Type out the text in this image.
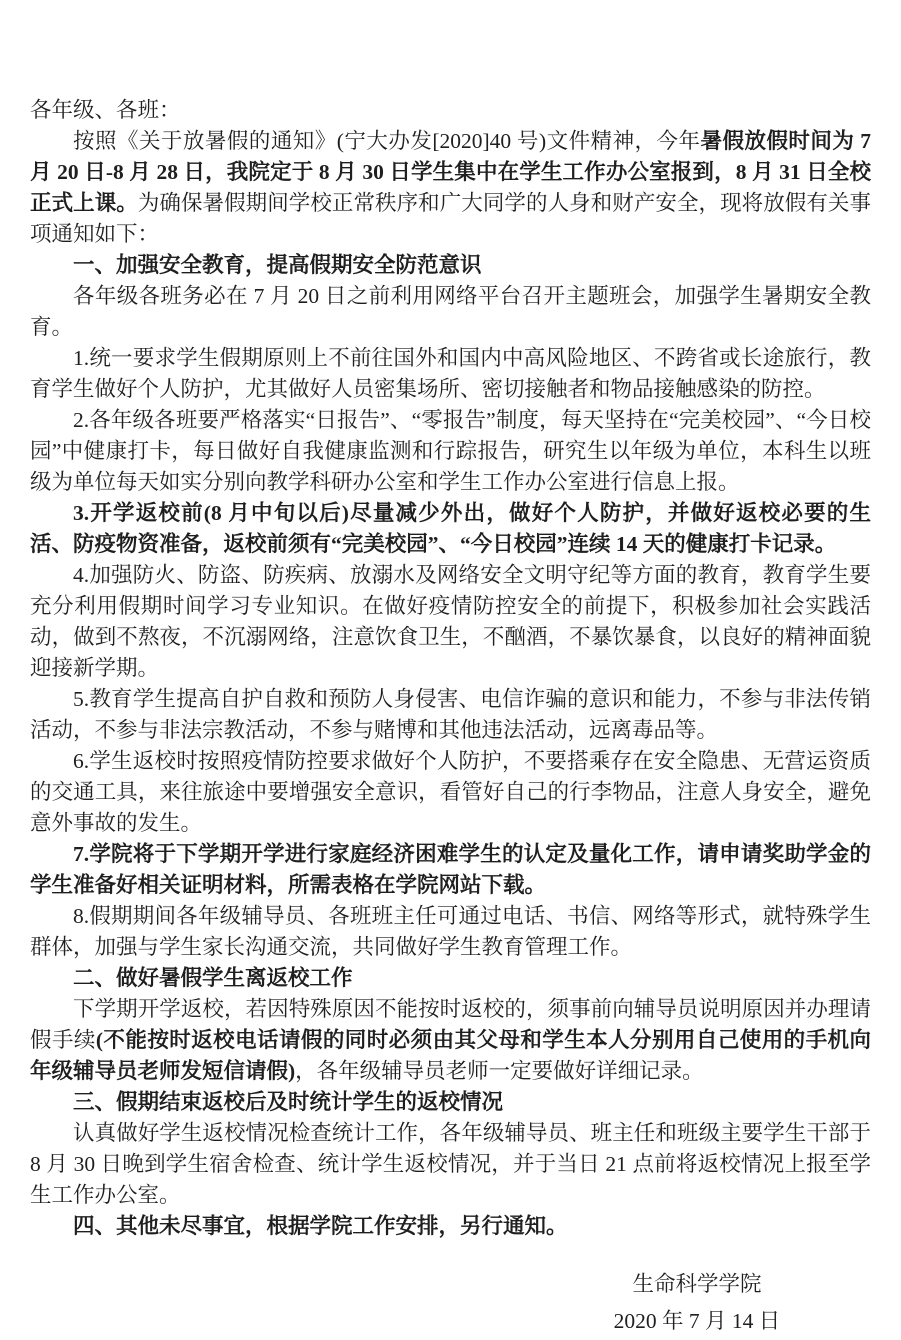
各年级、各班：

按照《关于放暑假的通知》(宁大办发[2020]40 号)文件精神，今年暑假放假时间为 7 月 20 日-8 月 28 日，我院定于 8 月 30 日学生集中在学生工作办公室报到，8 月 31 日全校正式上课。为确保暑假期间学校正常秩序和广大同学的人身和财产安全，现将放假有关事项通知如下：

一、加强安全教育，提高假期安全防范意识

各年级各班务必在 7 月 20 日之前利用网络平台召开主题班会，加强学生暑期安全教育。

1.统一要求学生假期原则上不前往国外和国内中高风险地区、不跨省或长途旅行，教育学生做好个人防护，尤其做好人员密集场所、密切接触者和物品接触感染的防控。

2.各年级各班要严格落实“日报告”、“零报告”制度，每天坚持在“完美校园”、“今日校园”中健康打卡，每日做好自我健康监测和行踪报告，研究生以年级为单位，本科生以班级为单位每天如实分别向教学科研办公室和学生工作办公室进行信息上报。

3.开学返校前(8 月中旬以后)尽量减少外出，做好个人防护，并做好返校必要的生活、防疫物资准备，返校前须有“完美校园”、“今日校园”连续 14 天的健康打卡记录。

4.加强防火、防盗、防疾病、放溺水及网络安全文明守纪等方面的教育，教育学生要充分利用假期时间学习专业知识。在做好疫情防控安全的前提下，积极参加社会实践活动，做到不熬夜，不沉溺网络，注意饮食卫生，不酗酒，不暴饮暴食，以良好的精神面貌迎接新学期。

5.教育学生提高自护自救和预防人身侵害、电信诈骗的意识和能力，不参与非法传销活动，不参与非法宗教活动，不参与赌博和其他违法活动，远离毒品等。

6.学生返校时按照疫情防控要求做好个人防护，不要搭乘存在安全隐患、无营运资质的交通工具，来往旅途中要增强安全意识，看管好自己的行李物品，注意人身安全，避免意外事故的发生。

7.学院将于下学期开学进行家庭经济困难学生的认定及量化工作，请申请奖助学金的学生准备好相关证明材料，所需表格在学院网站下载。

8.假期期间各年级辅导员、各班班主任可通过电话、书信、网络等形式，就特殊学生群体，加强与学生家长沟通交流，共同做好学生教育管理工作。

二、做好暑假学生离返校工作

下学期开学返校，若因特殊原因不能按时返校的，须事前向辅导员说明原因并办理请假手续(不能按时返校电话请假的同时必须由其父母和学生本人分别用自己使用的手机向年级辅导员老师发短信请假)，各年级辅导员老师一定要做好详细记录。

三、假期结束返校后及时统计学生的返校情况

认真做好学生返校情况检查统计工作，各年级辅导员、班主任和班级主要学生干部于 8 月 30 日晚到学生宿舍检查、统计学生返校情况，并于当日 21 点前将返校情况上报至学生工作办公室。

四、其他未尽事宜，根据学院工作安排，另行通知。

生命科学学院
2020 年 7 月 14 日
